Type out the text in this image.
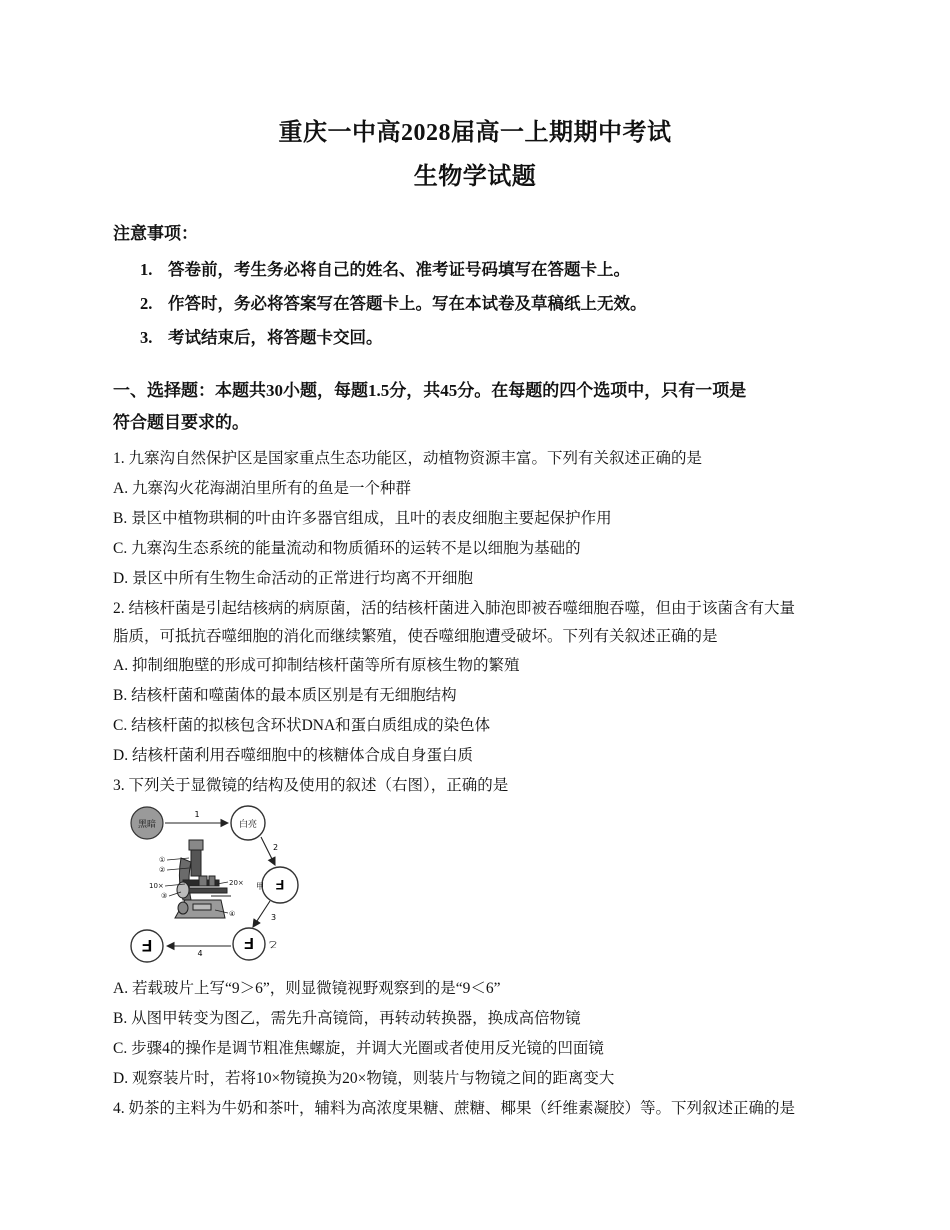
重庆一中高2028届高一上期期中考试
生物学试题
注意事项：
1. 答卷前，考生务必将自己的姓名、准考证号码填写在答题卡上。
2. 作答时，务必将答案写在答题卡上。写在本试卷及草稿纸上无效。
3. 考试结束后，将答题卡交回。
一、选择题：本题共30小题，每题1.5分，共45分。在每题的四个选项中，只有一项是
符合题目要求的。
1. 九寨沟自然保护区是国家重点生态功能区，动植物资源丰富。下列有关叙述正确的是
A. 九寨沟火花海湖泊里所有的鱼是一个种群
B. 景区中植物珙桐的叶由许多器官组成，且叶的表皮细胞主要起保护作用
C. 九寨沟生态系统的能量流动和物质循环的运转不是以细胞为基础的
D. 景区中所有生物生命活动的正常进行均离不开细胞
2. 结核杆菌是引起结核病的病原菌，活的结核杆菌进入肺泡即被吞噬细胞吞噬，但由于该菌含有大量
脂质，可抵抗吞噬细胞的消化而继续繁殖，使吞噬细胞遭受破坏。下列有关叙述正确的是
A. 抑制细胞壁的形成可抑制结核杆菌等所有原核生物的繁殖
B. 结核杆菌和噬菌体的最本质区别是有无细胞结构
C. 结核杆菌的拟核包含环状DNA和蛋白质组成的染色体
D. 结核杆菌利用吞噬细胞中的核糖体合成自身蛋白质
3. 下列关于显微镜的结构及使用的叙述（右图），正确的是
黑暗
1
白亮
2
F
甲
3
F 乙
4
F
①
②
③
④
10×	20×
A. 若载玻片上写“9＞6”，则显微镜视野观察到的是“9＜6”
B. 从图甲转变为图乙，需先升高镜筒，再转动转换器，换成高倍物镜
C. 步骤4的操作是调节粗准焦螺旋，并调大光圈或者使用反光镜的凹面镜
D. 观察装片时，若将10×物镜换为20×物镜，则装片与物镜之间的距离变大
4. 奶茶的主料为牛奶和茶叶，辅料为高浓度果糖、蔗糖、椰果（纤维素凝胶）等。下列叙述正确的是
